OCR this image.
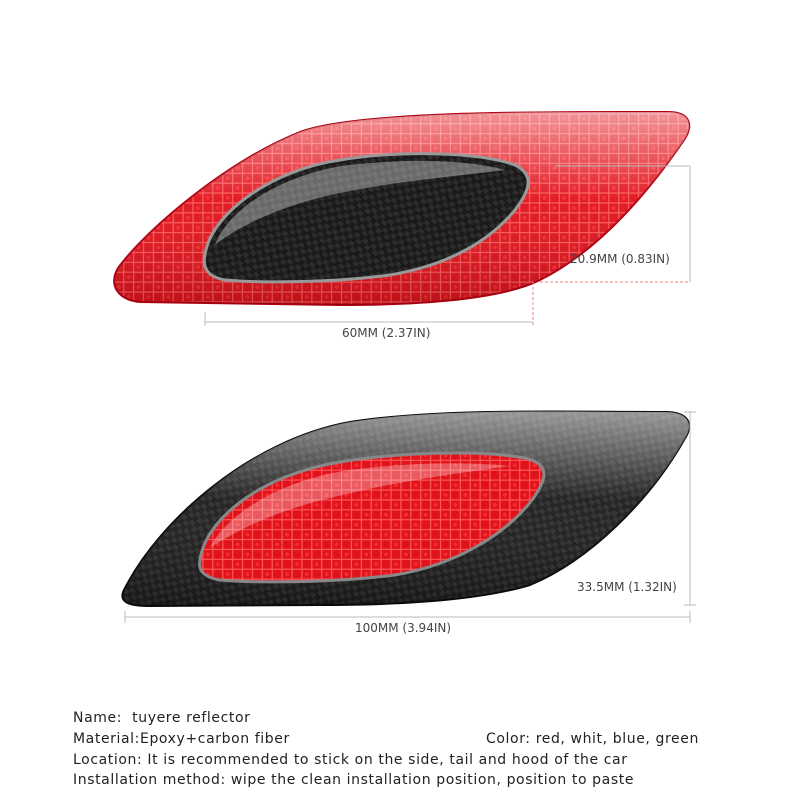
20.9MM (0.83IN)
60MM (2.37IN)
33.5MM (1.32IN)
100MM (3.94IN)
Name: tuyere reflector
Material:Epoxy+carbon fiber	Color: red, whit, blue, green
Location: It is recommended to stick on the side, tail and hood of the car
Installation method: wipe the clean installation position, position to paste
